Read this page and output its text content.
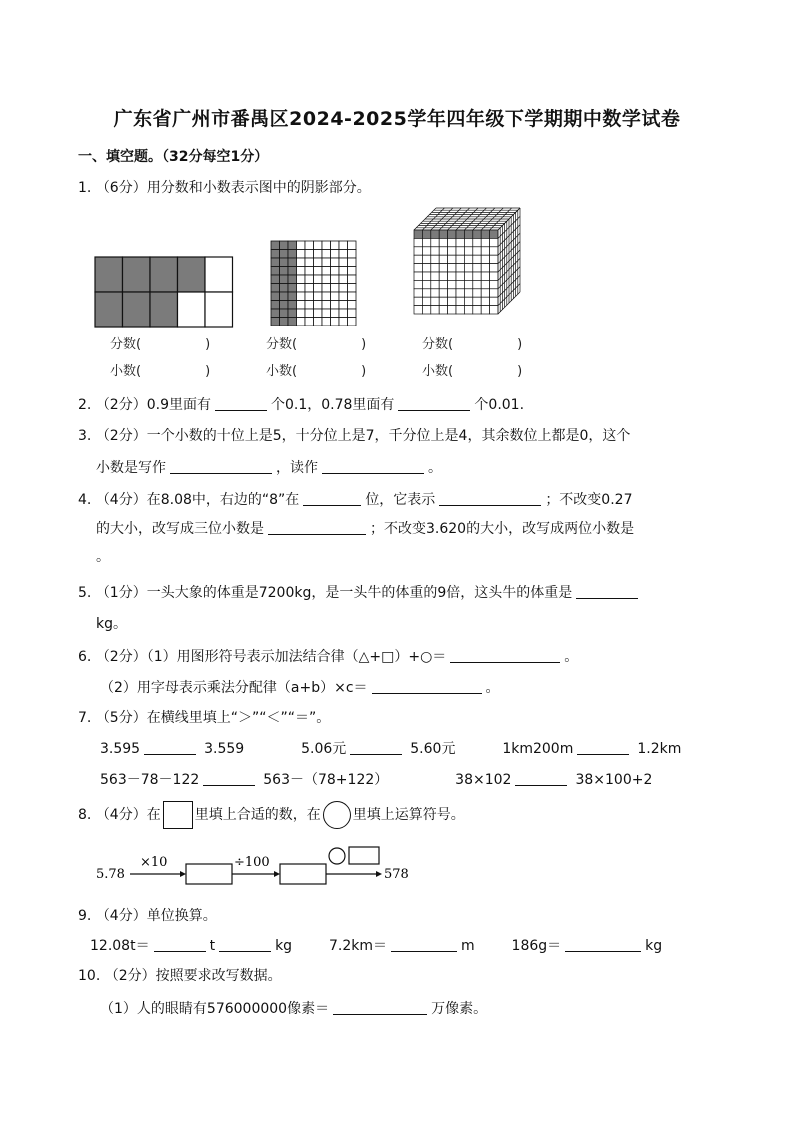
广东省广州市番禺区2024-2025学年四年级下学期期中数学试卷
一、填空题。（32分每空1分）
1. （6分）用分数和小数表示图中的阴影部分。
分数(	)
小数(	)
分数(	)
小数(	)
分数(	)
小数(	)
2. （2分）0.9里面有	个0.1，0.78里面有	个0.01.
3. （2分）一个小数的十位上是5，十分位上是7，千分位上是4，其余数位上都是0，这个
小数是写作	，读作	。
4. （4分）在8.08中，右边的“8”在	位，它表示	；不改变0.27
的大小，改写成三位小数是	；不改变3.620的大小，改写成两位小数是
。
5. （1分）一头大象的体重是7200kg，是一头牛的体重的9倍，这头牛的体重是
kg。
6. （2分）（1）用图形符号表示加法结合律（△+□）+○＝	。
（2）用字母表示乘法分配律（a+b）×c＝	。
7. （5分）在横线里填上“＞”“＜”“＝”。
3.595	3.559	5.06元	5.60元	1km200m	1.2km
563－78－122	563－（78+122）	38×102	38×100+2
8. （4分）在 里填上合适的数，在 里填上运算符号。
5.78
×10	÷100
578
9. （4分）单位换算。
12.08t＝	t	kg	7.2km＝	m	186g＝	kg
10. （2分）按照要求改写数据。
（1）人的眼睛有576000000像素＝	万像素。
